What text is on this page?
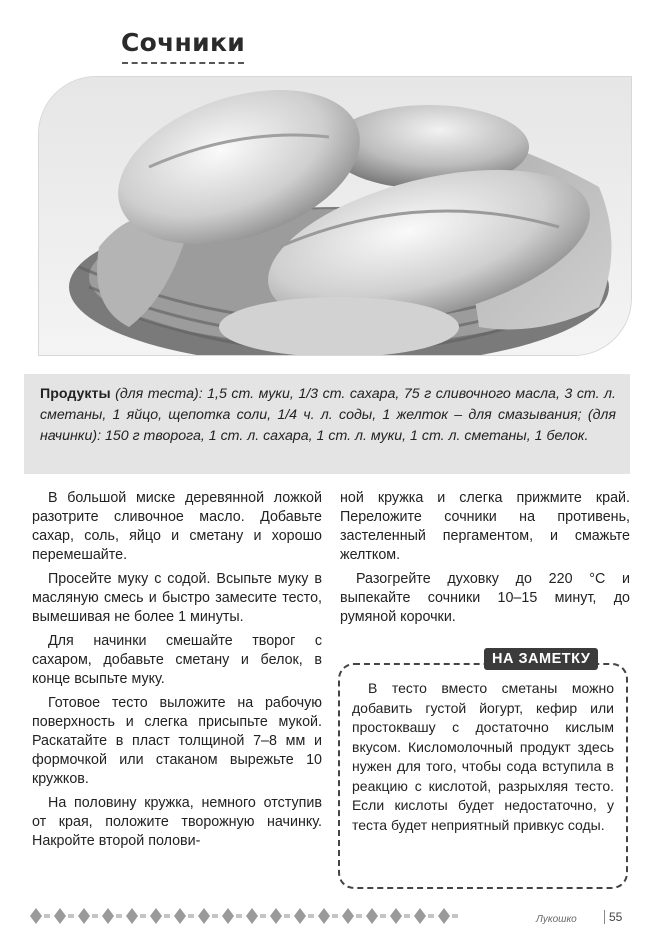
Сочники
Продукты (для теста): 1,5 ст. муки, 1/3 ст. сахара, 75 г сливочного масла, 3 ст. л. сметаны, 1 яйцо, щепотка соли, 1/4 ч. л. соды, 1 желток – для смазывания; (для начинки): 150 г творога, 1 ст. л. сахара, 1 ст. л. муки, 1 ст. л. сметаны, 1 белок.

В большой миске деревянной ложкой разотрите сливочное масло. Добавьте сахар, соль, яйцо и сметану и хорошо перемешайте.

Просейте муку с содой. Всыпьте муку в масляную смесь и быстро замесите тесто, вымешивая не более 1 минуты.

Для начинки смешайте творог с сахаром, добавьте сметану и белок, в конце всыпьте муку.

Готовое тесто выложите на рабочую поверхность и слегка присыпьте мукой. Раскатайте в пласт толщиной 7–8 мм и формочкой или стаканом вырежьте 10 кружков.

На половину кружка, немного отступив от края, положите творожную начинку. Накройте второй полови-

ной кружка и слегка прижмите край. Переложите сочники на противень, застеленный пергаментом, и смажьте желтком.

Разогрейте духовку до 220 °С и выпекайте сочники 10–15 минут, до румяной корочки.

В тесто вместо сметаны можно добавить густой йогурт, кефир или простоквашу с достаточно кислым вкусом. Кисломолочный продукт здесь нужен для того, чтобы сода вступила в реакцию с кислотой, разрыхляя тесто. Если кислоты будет недостаточно, у теста будет неприятный привкус соды.

НА ЗАМЕТКУ
Лукошко	55
